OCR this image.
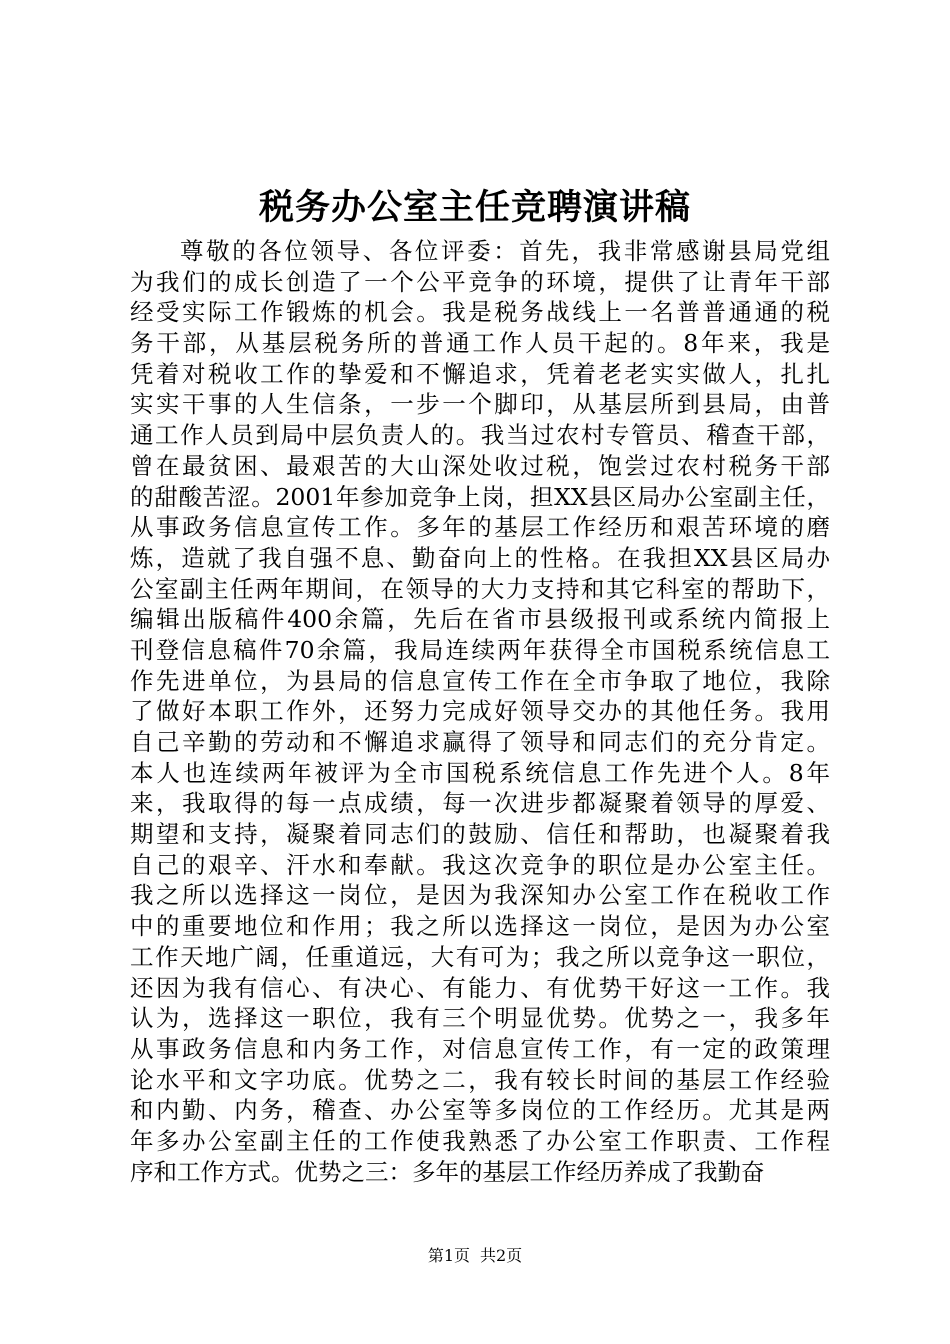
税务办公室主任竞聘演讲稿
尊敬的各位领导、各位评委：首先，我非常感谢县局党组
为我们的成长创造了一个公平竞争的环境，提供了让青年干部
经受实际工作锻炼的机会。我是税务战线上一名普普通通的税
务干部，从基层税务所的普通工作人员干起的。8年来，我是
凭着对税收工作的挚爱和不懈追求，凭着老老实实做人，扎扎
实实干事的人生信条，一步一个脚印，从基层所到县局，由普
通工作人员到局中层负责人的。我当过农村专管员、稽查干部，
曾在最贫困、最艰苦的大山深处收过税，饱尝过农村税务干部
的甜酸苦涩。2001年参加竞争上岗，担XX县区局办公室副主任，
从事政务信息宣传工作。多年的基层工作经历和艰苦环境的磨
炼，造就了我自强不息、勤奋向上的性格。在我担XX县区局办
公室副主任两年期间，在领导的大力支持和其它科室的帮助下，
编辑出版稿件400余篇，先后在省市县级报刊或系统内简报上
刊登信息稿件70余篇，我局连续两年获得全市国税系统信息工
作先进单位，为县局的信息宣传工作在全市争取了地位，我除
了做好本职工作外，还努力完成好领导交办的其他任务。我用
自己辛勤的劳动和不懈追求赢得了领导和同志们的充分肯定。
本人也连续两年被评为全市国税系统信息工作先进个人。8年
来，我取得的每一点成绩，每一次进步都凝聚着领导的厚爱、
期望和支持，凝聚着同志们的鼓励、信任和帮助，也凝聚着我
自己的艰辛、汗水和奉献。我这次竞争的职位是办公室主任。
我之所以选择这一岗位，是因为我深知办公室工作在税收工作
中的重要地位和作用；我之所以选择这一岗位，是因为办公室
工作天地广阔，任重道远，大有可为；我之所以竞争这一职位，
还因为我有信心、有决心、有能力、有优势干好这一工作。我
认为，选择这一职位，我有三个明显优势。优势之一，我多年
从事政务信息和内务工作，对信息宣传工作，有一定的政策理
论水平和文字功底。优势之二，我有较长时间的基层工作经验
和内勤、内务，稽查、办公室等多岗位的工作经历。尤其是两
年多办公室副主任的工作使我熟悉了办公室工作职责、工作程
序和工作方式。优势之三：多年的基层工作经历养成了我勤奋
第1页 共2页
